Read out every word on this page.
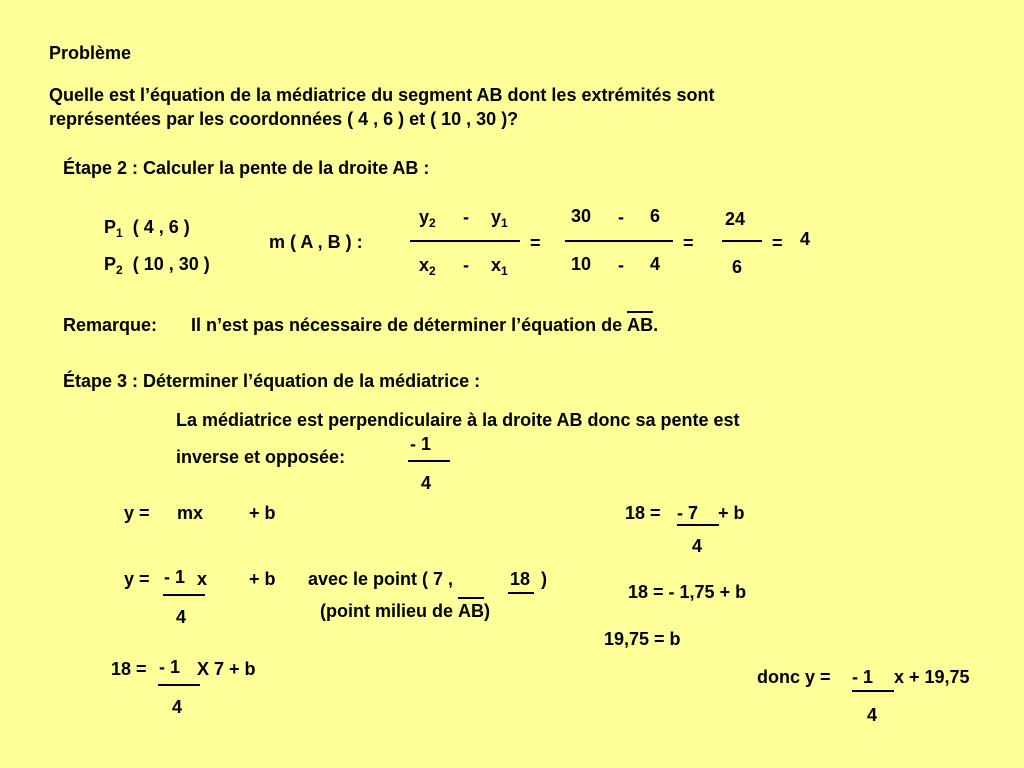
Problème
Quelle est l’équation de la médiatrice du segment AB dont les extrémités sont
représentées par les coordonnées ( 4 , 6 ) et ( 10 , 30 )?
Étape 2 : Calculer la pente de la droite AB :
$P_1$ ( 4 , 6 )
$P_2$ ( 10 , 30 )
m ( A , B ) :
$y_2 - y_1$
$x_2 - x_1$
=
30 - 6
10 - 4
=
24
6
= 4
Remarque: Il n’est pas nécessaire de déterminer l’équation de AB.
Étape 3 : Déterminer l’équation de la médiatrice :
La médiatrice est perpendiculaire à la droite AB donc sa pente est
inverse et opposée:
- 1
4
y = mx	+ b
y = - 1 x + b
4
avec le point ( 7 ,	18 )
(point milieu de AB)
18 = - 1 X 7 + b
4
18 = - 7 + b
4
18 = - 1,75 + b
19,75 = b
donc y = - 1 x + 19,75
4
